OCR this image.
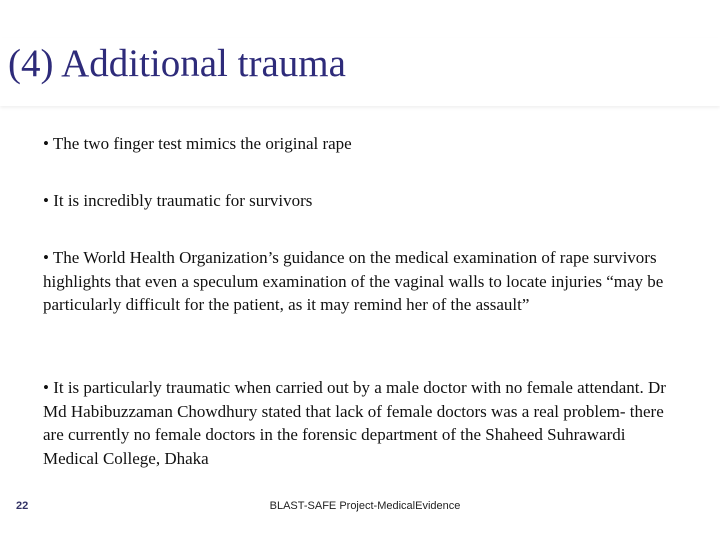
(4) Additional trauma

• The two finger test mimics the original rape

• It is incredibly traumatic for survivors

• The World Health Organization’s guidance on the medical examination of rape survivors highlights that even a speculum examination of the vaginal walls to locate injuries “may be particularly difficult for the patient, as it may remind her of the assault”

• It is particularly traumatic when carried out by a male doctor with no female attendant. Dr Md Habibuzzaman Chowdhury stated that lack of female doctors was a real problem- there are currently no female doctors in the forensic department of the Shaheed Suhrawardi Medical College, Dhaka

22	BLAST-SAFE Project-MedicalEvidence
